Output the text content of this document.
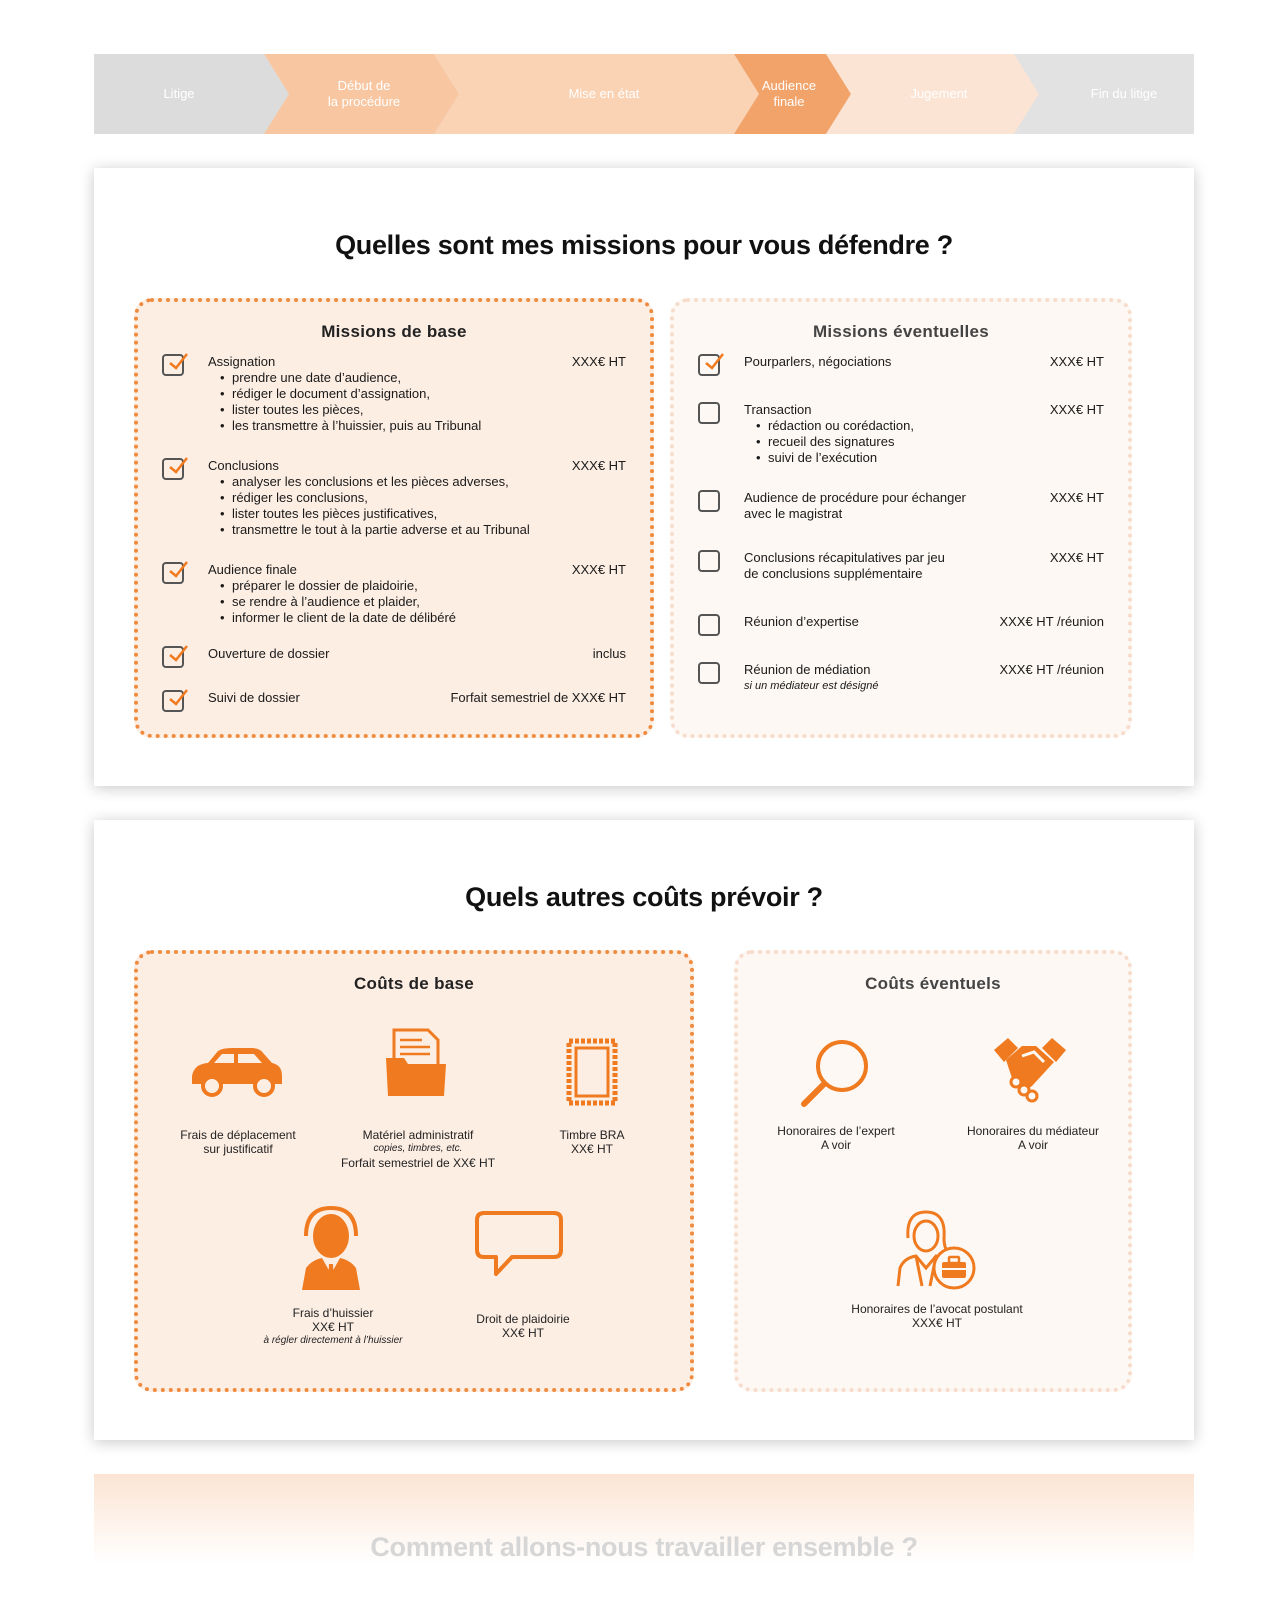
Litige
Début de
la procédure
Mise en état
Audience
finale
Jugement	Fin du litige
Quelles sont mes missions pour vous défendre ?
Missions de base
Assignation	XXX€ HT
• prendre une date d’audience,
• rédiger le document d’assignation,
• lister toutes les pièces,
• les transmettre à l’huissier, puis au Tribunal
Conclusions	XXX€ HT
• analyser les conclusions et les pièces adverses,
• rédiger les conclusions,
• lister toutes les pièces justificatives,
• transmettre le tout à la partie adverse et au Tribunal
Audience finale	XXX€ HT
• préparer le dossier de plaidoirie,
• se rendre à l’audience et plaider,
• informer le client de la date de délibéré
Ouverture de dossier	inclus
Suivi de dossier	Forfait semestriel de XXX€ HT
Missions éventuelles
Pourparlers, négociations	XXX€ HT
Transaction	XXX€ HT
• rédaction ou corédaction,
• recueil des signatures
• suivi de l’exécution
Audience de procédure pour échanger
avec le magistrat
XXX€ HT
Conclusions récapitulatives par jeu
de conclusions supplémentaire
XXX€ HT
Réunion d’expertise	XXX€ HT /réunion
Réunion de médiation
si un médiateur est désigné
XXX€ HT /réunion
Quels autres coûts prévoir ?
Coûts de base
Frais de déplacement
sur justificatif
Matériel administratif
copies, timbres, etc.
Forfait semestriel de XX€ HT
Timbre BRA
XX€ HT
Frais d’huissier
XX€ HT
à régler directement à l’huissier
Droit de plaidoirie
XX€ HT
Coûts éventuels
Honoraires de l’expert
A voir
Honoraires du médiateur
A voir
Honoraires de l’avocat postulant
XXX€ HT
Comment allons-nous travailler ensemble ?
